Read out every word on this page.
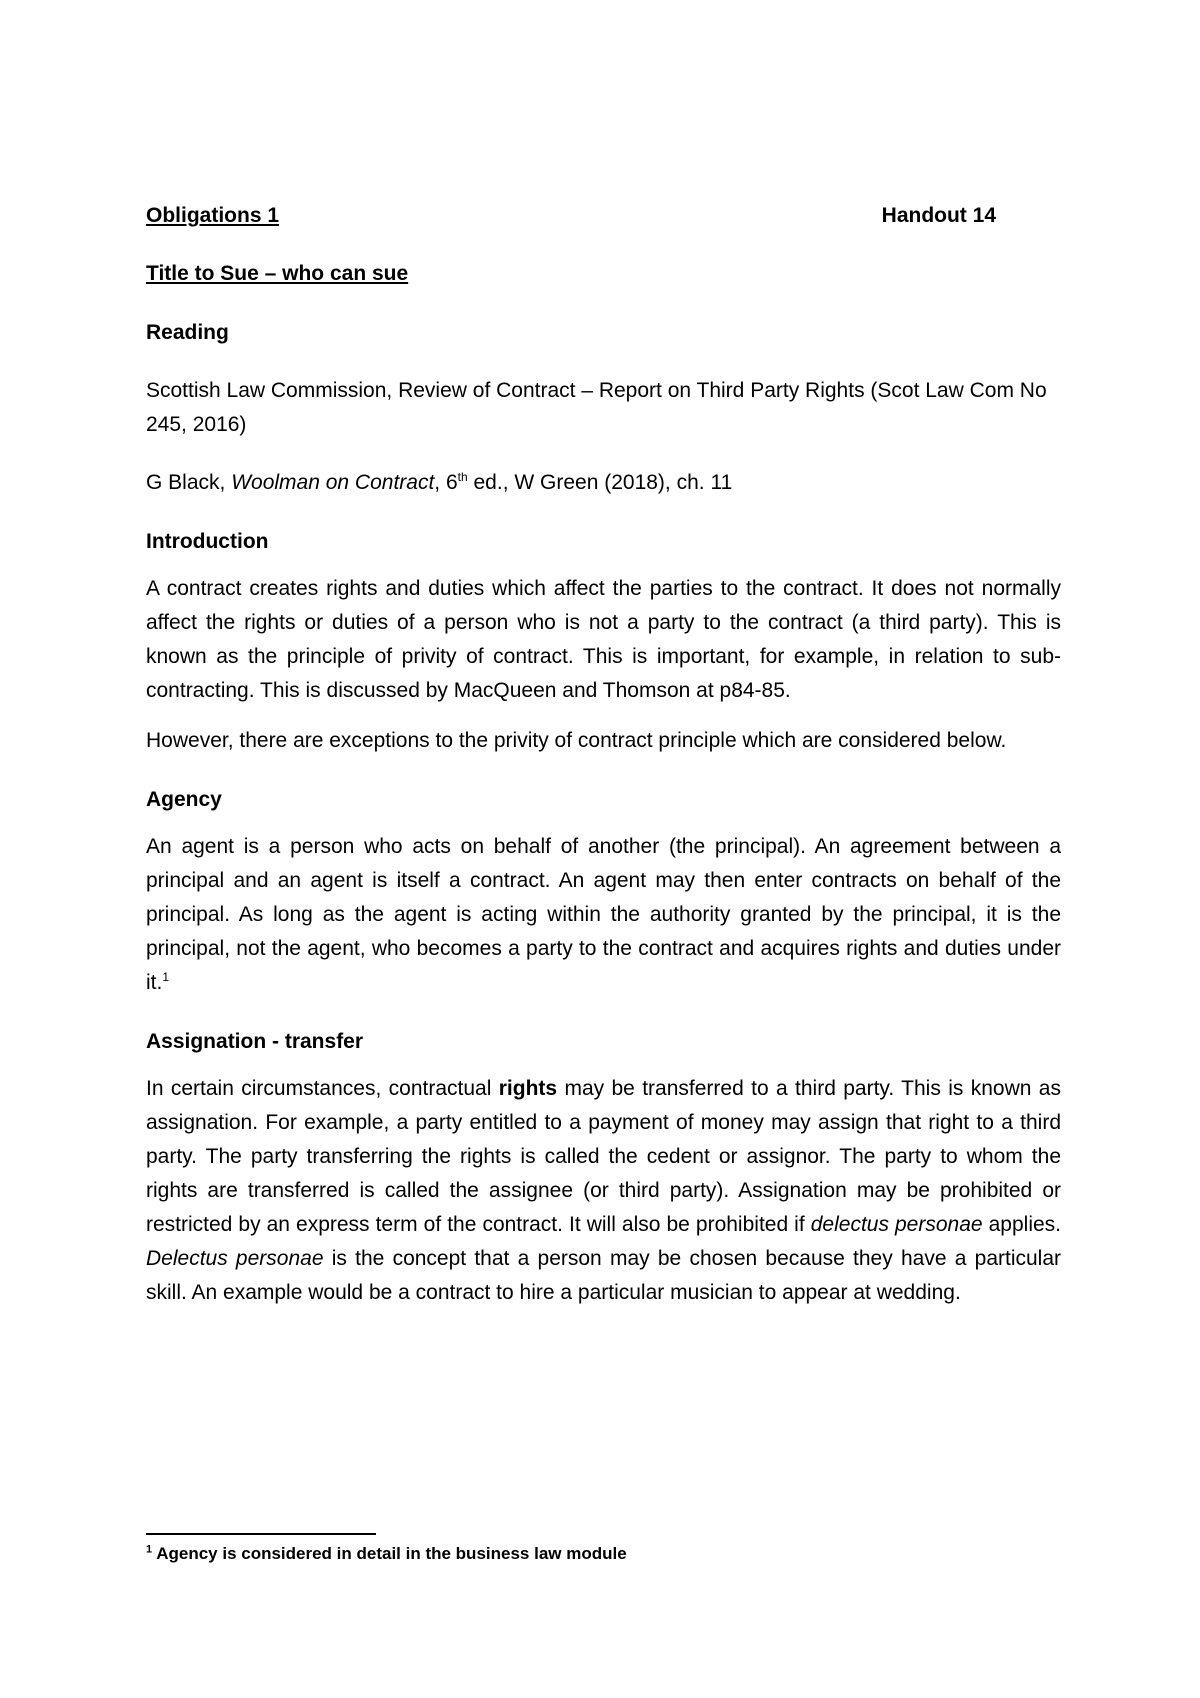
Obligations 1	Handout 14
Title to Sue – who can sue
Reading

Scottish Law Commission, Review of Contract – Report on Third Party Rights (Scot Law Com No 245, 2016)

G Black, Woolman on Contract, 6th ed., W Green (2018), ch. 11

Introduction

A contract creates rights and duties which affect the parties to the contract. It does not normally affect the rights or duties of a person who is not a party to the contract (a third party). This is known as the principle of privity of contract. This is important, for example, in relation to sub-contracting. This is discussed by MacQueen and Thomson at p84-85.

However, there are exceptions to the privity of contract principle which are considered below.

Agency

An agent is a person who acts on behalf of another (the principal). An agreement between a principal and an agent is itself a contract. An agent may then enter contracts on behalf of the principal. As long as the agent is acting within the authority granted by the principal, it is the principal, not the agent, who becomes a party to the contract and acquires rights and duties under it.$^1$

Assignation - transfer

In certain circumstances, contractual rights may be transferred to a third party. This is known as assignation. For example, a party entitled to a payment of money may assign that right to a third party. The party transferring the rights is called the cedent or assignor. The party to whom the rights are transferred is called the assignee (or third party). Assignation may be prohibited or restricted by an express term of the contract. It will also be prohibited if delectus personae applies. Delectus personae is the concept that a person may be chosen because they have a particular skill. An example would be a contract to hire a particular musician to appear at wedding.

$^1$ Agency is considered in detail in the business law module
